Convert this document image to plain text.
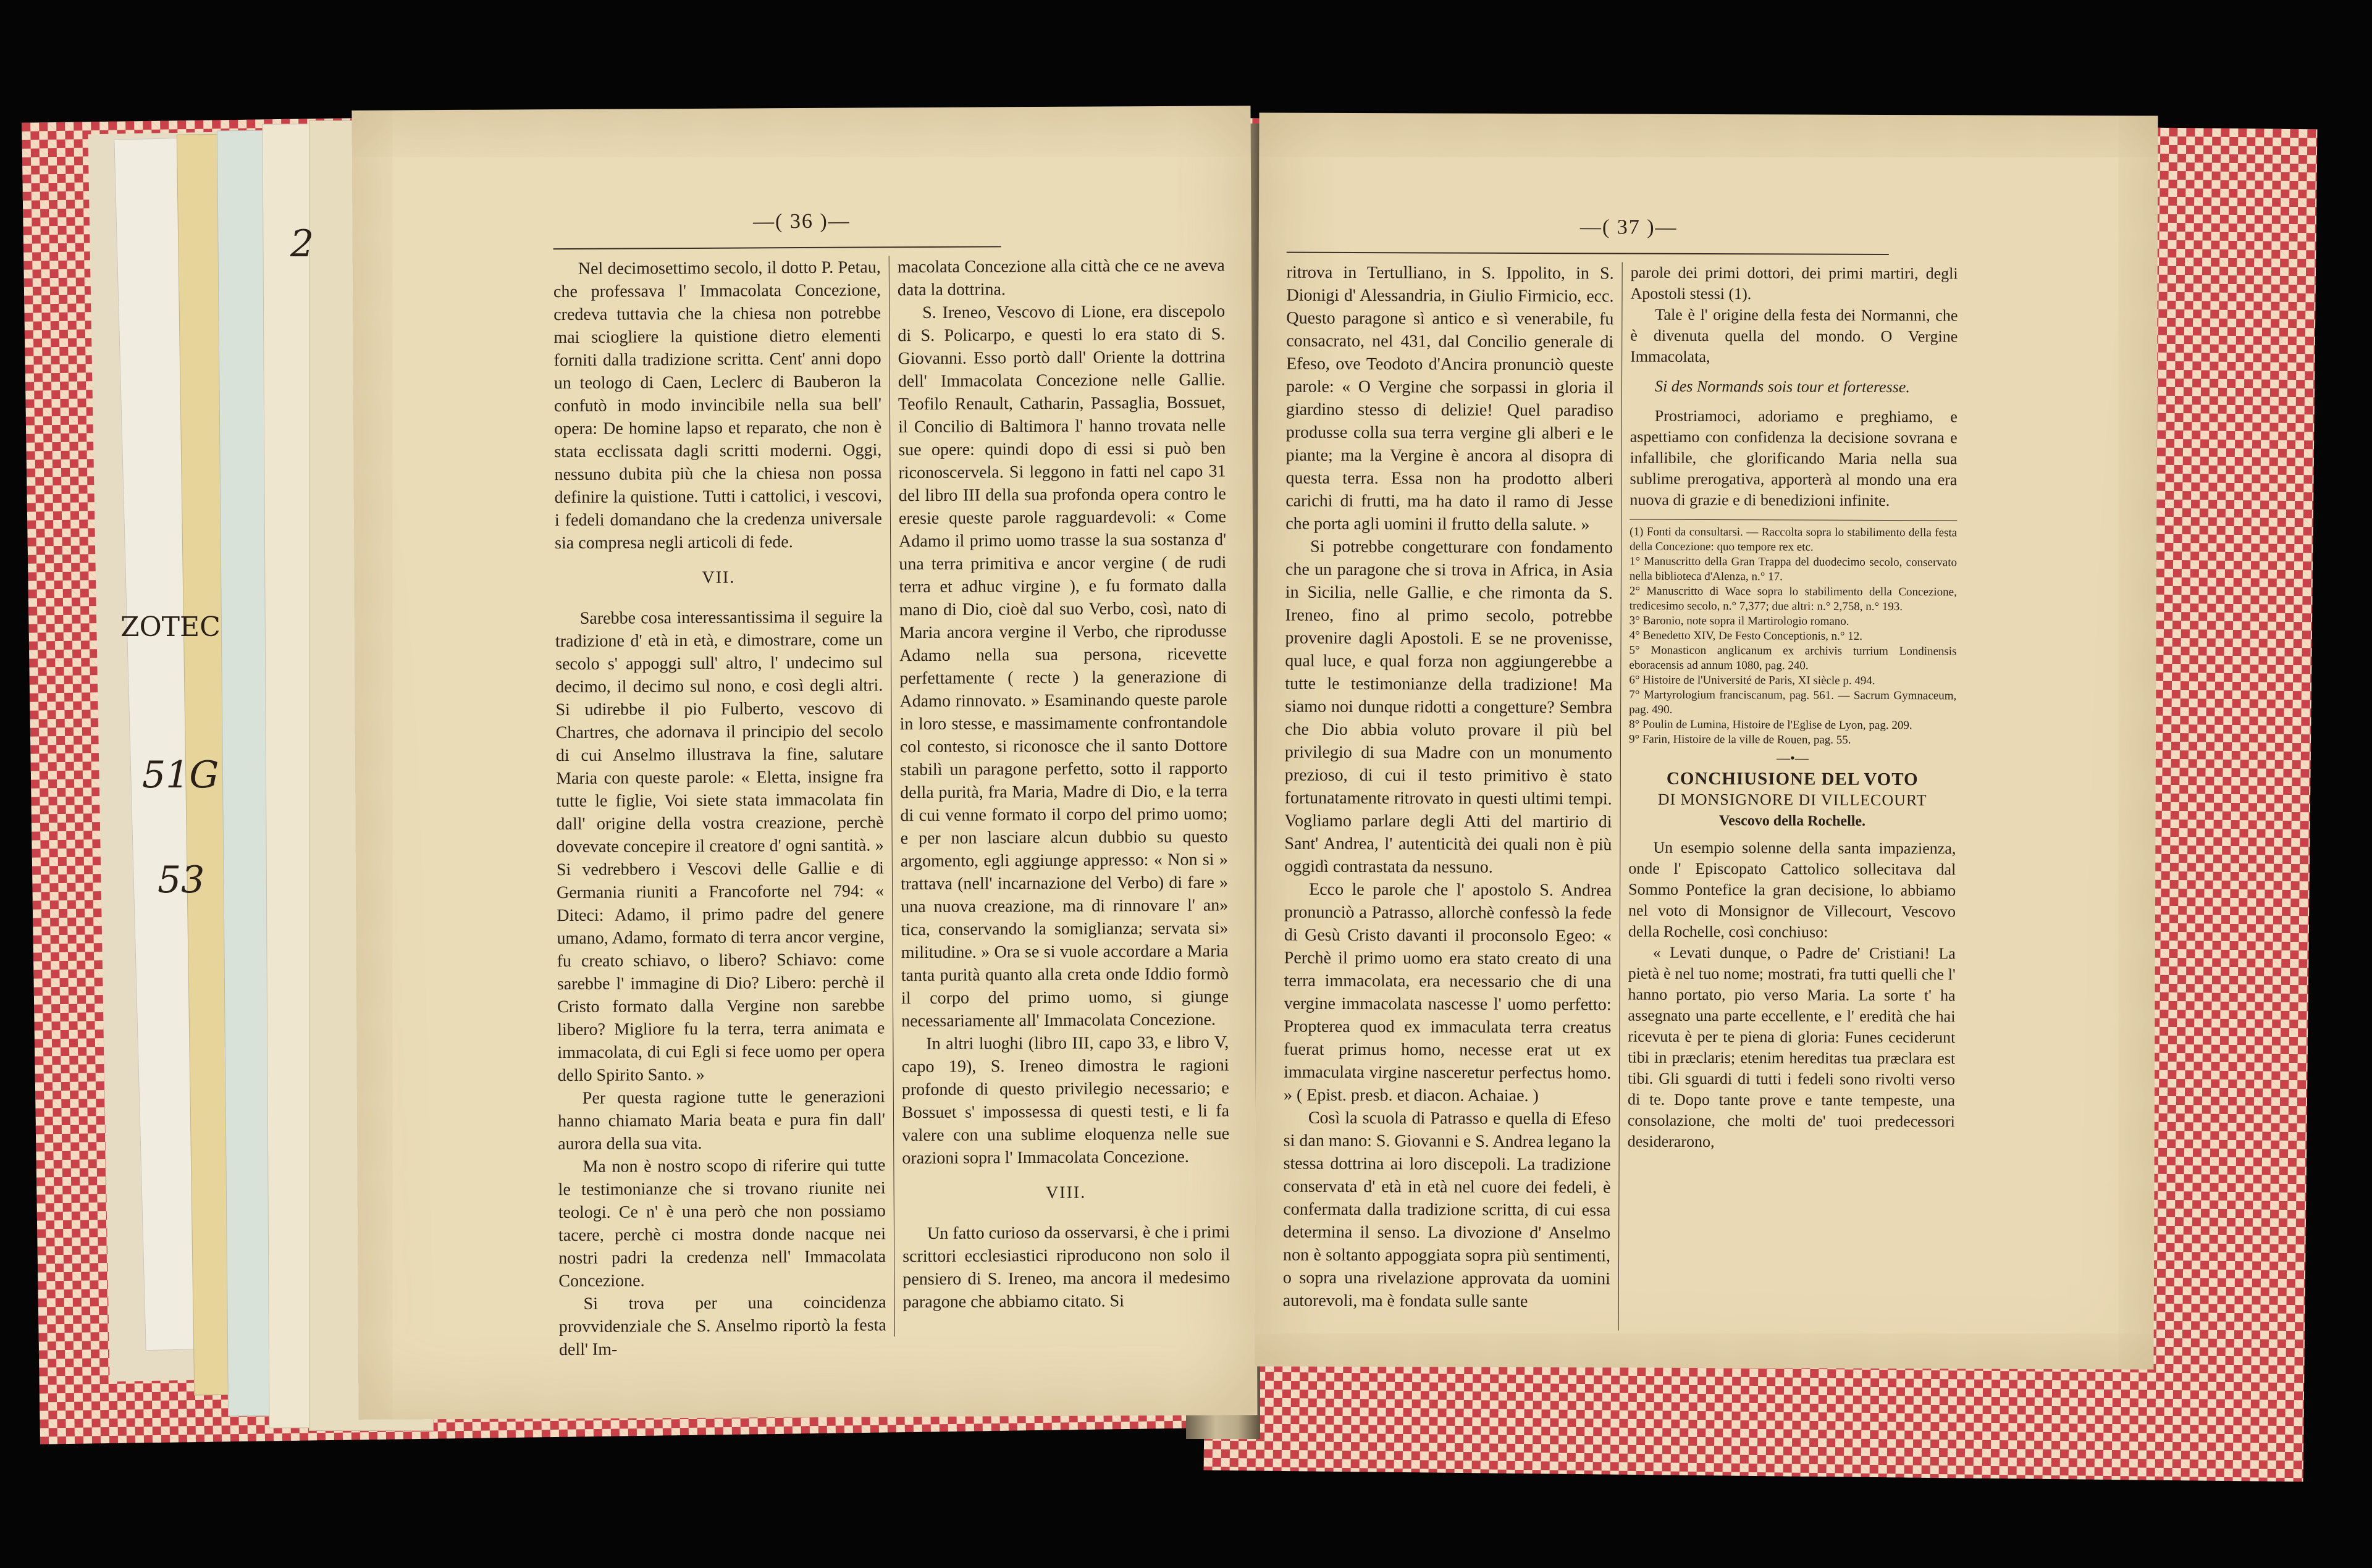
2
ZOTEC
51G
53
—( 36 )—

Nel decimosettimo secolo, il dotto P. Petau, che professava l' Immacolata Concezione, credeva tuttavia che la chiesa non potrebbe mai sciogliere la quistione dietro elementi forniti dalla tradizione scritta. Cent' anni dopo un teologo di Caen, Leclerc di Bauberon la confutò in modo invincibile nella sua bell' opera: De homine lapso et reparato, che non è stata ecclissata dagli scritti moderni. Oggi, nessuno dubita più che la chiesa non possa definire la quistione. Tutti i cattolici, i vescovi, i fedeli domandano che la credenza universale sia compresa negli articoli di fede.

VII.

Sarebbe cosa interessantissima il seguire la tradizione d' età in età, e dimostrare, come un secolo s' appoggi sull' altro, l' undecimo sul decimo, il decimo sul nono, e così degli altri. Si udirebbe il pio Fulberto, vescovo di Chartres, che adornava il principio del secolo di cui Anselmo illustrava la fine, salutare Maria con queste parole: « Eletta, insigne fra tutte le figlie, Voi siete stata immacolata fin dall' origine della vostra creazione, perchè dovevate concepire il creatore d' ogni santità. » Si vedrebbero i Vescovi delle Gallie e di Germania riuniti a Francoforte nel 794: « Diteci: Adamo, il primo padre del genere umano, Adamo, formato di terra ancor vergine, fu creato schiavo, o libero? Schiavo: come sarebbe l' immagine di Dio? Libero: perchè il Cristo formato dalla Vergine non sarebbe libero? Migliore fu la terra, terra animata e immacolata, di cui Egli si fece uomo per opera dello Spirito Santo. »

Per questa ragione tutte le generazioni hanno chiamato Maria beata e pura fin dall' aurora della sua vita.

Ma non è nostro scopo di riferire qui tutte le testimonianze che si trovano riunite nei teologi. Ce n' è una però che non possiamo tacere, perchè ci mostra donde nacque nei nostri padri la credenza nell' Immacolata Concezione.

Si trova per una coincidenza provvidenziale che S. Anselmo riportò la festa dell' Im-

macolata Concezione alla città che ce ne aveva data la dottrina.

S. Ireneo, Vescovo di Lione, era discepolo di S. Policarpo, e questi lo era stato di S. Giovanni. Esso portò dall' Oriente la dottrina dell' Immacolata Concezione nelle Gallie. Teofilo Renault, Catharin, Passaglia, Bossuet, il Concilio di Baltimora l' hanno trovata nelle sue opere: quindi dopo di essi si può ben riconoscervela. Si leggono in fatti nel capo 31 del libro III della sua profonda opera contro le eresie queste parole ragguardevoli: « Come Adamo il primo uomo trasse la sua sostanza d' una terra primitiva e ancor vergine ( de rudi terra et adhuc virgine ), e fu formato dalla mano di Dio, cioè dal suo Verbo, così, nato di Maria ancora vergine il Verbo, che riprodusse Adamo nella sua persona, ricevette perfettamente ( recte ) la generazione di Adamo rinnovato. » Esaminando queste parole in loro stesse, e massimamente confrontandole col contesto, si riconosce che il santo Dottore stabilì un paragone perfetto, sotto il rapporto della purità, fra Maria, Madre di Dio, e la terra di cui venne formato il corpo del primo uomo; e per non lasciare alcun dubbio su questo argomento, egli aggiunge appresso: « Non si » trattava (nell' incarnazione del Verbo) di fare » una nuova creazione, ma di rinnovare l' an» tica, conservando la somiglianza; servata si» militudine. » Ora se si vuole accordare a Maria tanta purità quanto alla creta onde Iddio formò il corpo del primo uomo, si giunge necessariamente all' Immacolata Concezione.

In altri luoghi (libro III, capo 33, e libro V, capo 19), S. Ireneo dimostra le ragioni profonde di questo privilegio necessario; e Bossuet s' impossessa di questi testi, e li fa valere con una sublime eloquenza nelle sue orazioni sopra l' Immacolata Concezione.

VIII.

Un fatto curioso da osservarsi, è che i primi scrittori ecclesiastici riproducono non solo il pensiero di S. Ireneo, ma ancora il medesimo paragone che abbiamo citato. Si

—( 37 )—

ritrova in Tertulliano, in S. Ippolito, in S. Dionigi d' Alessandria, in Giulio Firmicio, ecc. Questo paragone sì antico e sì venerabile, fu consacrato, nel 431, dal Concilio generale di Efeso, ove Teodoto d'Ancira pronunciò queste parole: « O Vergine che sorpassi in gloria il giardino stesso di delizie! Quel paradiso produsse colla sua terra vergine gli alberi e le piante; ma la Vergine è ancora al disopra di questa terra. Essa non ha prodotto alberi carichi di frutti, ma ha dato il ramo di Jesse che porta agli uomini il frutto della salute. »

Si potrebbe congetturare con fondamento che un paragone che si trova in Africa, in Asia in Sicilia, nelle Gallie, e che rimonta da S. Ireneo, fino al primo secolo, potrebbe provenire dagli Apostoli. E se ne provenisse, qual luce, e qual forza non aggiungerebbe a tutte le testimonianze della tradizione! Ma siamo noi dunque ridotti a congetture? Sembra che Dio abbia voluto provare il più bel privilegio di sua Madre con un monumento prezioso, di cui il testo primitivo è stato fortunatamente ritrovato in questi ultimi tempi. Vogliamo parlare degli Atti del martirio di Sant' Andrea, l' autenticità dei quali non è più oggidì contrastata da nessuno.

Ecco le parole che l' apostolo S. Andrea pronunciò a Patrasso, allorchè confessò la fede di Gesù Cristo davanti il proconsolo Egeo: « Perchè il primo uomo era stato creato di una terra immacolata, era necessario che di una vergine immacolata nascesse l' uomo perfetto: Propterea quod ex immaculata terra creatus fuerat primus homo, necesse erat ut ex immaculata virgine nasceretur perfectus homo. » ( Epist. presb. et diacon. Achaiae. )

Così la scuola di Patrasso e quella di Efeso si dan mano: S. Giovanni e S. Andrea legano la stessa dottrina ai loro discepoli. La tradizione conservata d' età in età nel cuore dei fedeli, è confermata dalla tradizione scritta, di cui essa determina il senso. La divozione d' Anselmo non è soltanto appoggiata sopra più sentimenti, o sopra una rivelazione approvata da uomini autorevoli, ma è fondata sulle sante

parole dei primi dottori, dei primi martiri, degli Apostoli stessi (1).

Tale è l' origine della festa dei Normanni, che è divenuta quella del mondo. O Vergine Immacolata,

Si des Normands sois tour et forteresse.

Prostriamoci, adoriamo e preghiamo, e aspettiamo con confidenza la decisione sovrana e infallibile, che glorificando Maria nella sua sublime prerogativa, apporterà al mondo una era nuova di grazie e di benedizioni infinite.

(1) Fonti da consultarsi. — Raccolta sopra lo stabilimento della festa della Concezione: quo tempore rex etc.

1° Manuscritto della Gran Trappa del duodecimo secolo, conservato nella biblioteca d'Alenza, n.° 17.

2° Manuscritto di Wace sopra lo stabilimento della Concezione, tredicesimo secolo, n.° 7,377; due altri: n.° 2,758, n.° 193.

3° Baronio, note sopra il Martirologio romano.

4° Benedetto XIV, De Festo Conceptionis, n.° 12.

5° Monasticon anglicanum ex archivis turrium Londinensis eboracensis ad annum 1080, pag. 240.

6° Histoire de l'Université de Paris, XI siècle p. 494.

7° Martyrologium franciscanum, pag. 561. — Sacrum Gymnaceum, pag. 490.

8° Poulin de Lumina, Histoire de l'Eglise de Lyon, pag. 209.

9° Farin, Histoire de la ville de Rouen, pag. 55.

—•—

CONCHIUSIONE DEL VOTO

DI MONSIGNORE DI VILLECOURT

Vescovo della Rochelle.

Un esempio solenne della santa impazienza, onde l' Episcopato Cattolico sollecitava dal Sommo Pontefice la gran decisione, lo abbiamo nel voto di Monsignor de Villecourt, Vescovo della Rochelle, così conchiuso:

« Levati dunque, o Padre de' Cristiani! La pietà è nel tuo nome; mostrati, fra tutti quelli che l' hanno portato, pio verso Maria. La sorte t' ha assegnato una parte eccellente, e l' eredità che hai ricevuta è per te piena di gloria: Funes ceciderunt tibi in præclaris; etenim hereditas tua præclara est tibi. Gli sguardi di tutti i fedeli sono rivolti verso di te. Dopo tante prove e tante tempeste, una consolazione, che molti de' tuoi predecessori desiderarono,
